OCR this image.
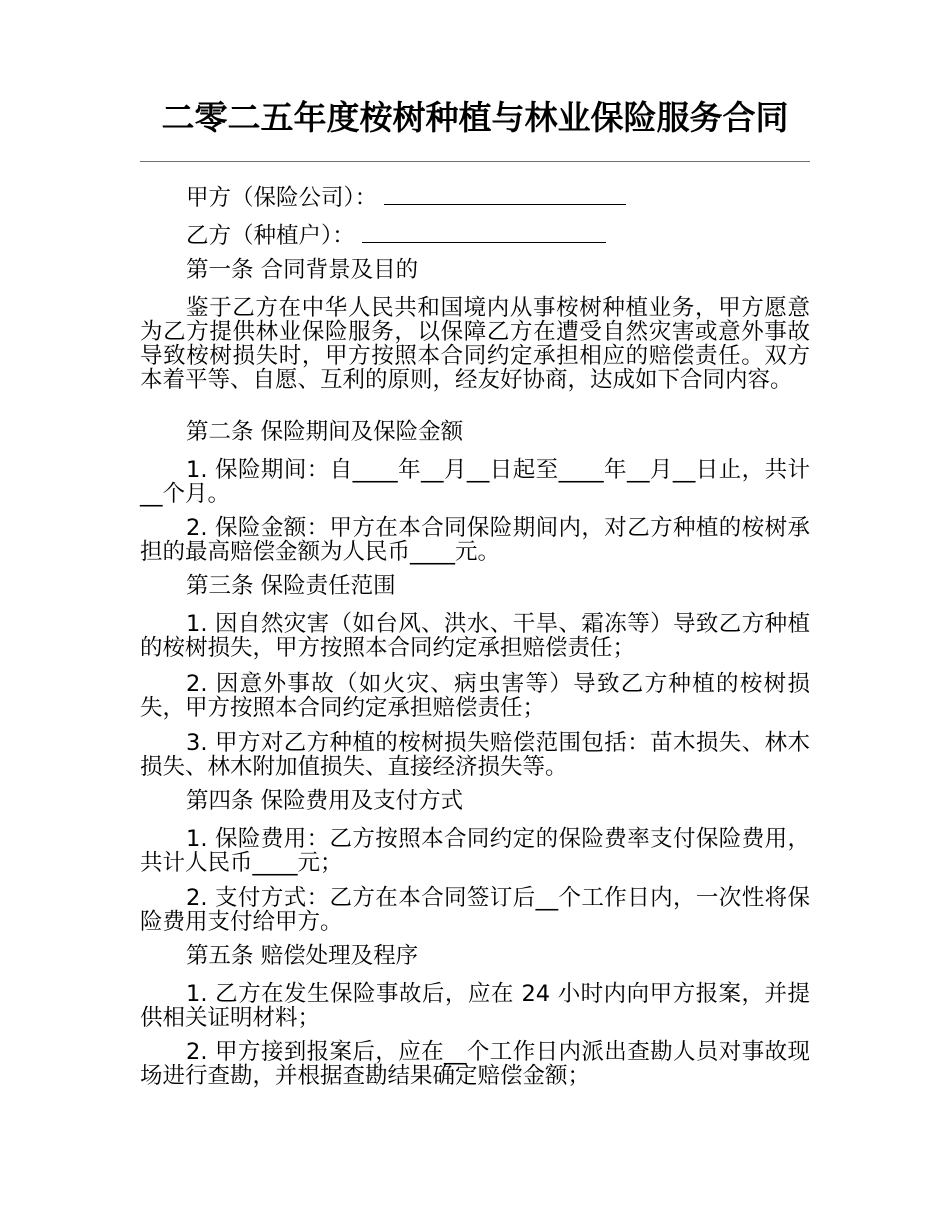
二零二五年度桉树种植与林业保险服务合同
甲方（保险公司）：
乙方（种植户）：
第一条 合同背景及目的
鉴于乙方在中华人民共和国境内从事桉树种植业务，甲方愿意为乙方提供林业保险服务，以保障乙方在遭受自然灾害或意外事故导致桉树损失时，甲方按照本合同约定承担相应的赔偿责任。双方本着平等、自愿、互利的原则，经友好协商，达成如下合同内容。
第二条 保险期间及保险金额
1. 保险期间：自____年__月__日起至____年__月__日止，共计__个月。
2. 保险金额：甲方在本合同保险期间内，对乙方种植的桉树承担的最高赔偿金额为人民币____元。
第三条 保险责任范围
1. 因自然灾害（如台风、洪水、干旱、霜冻等）导致乙方种植的桉树损失，甲方按照本合同约定承担赔偿责任；
2. 因意外事故（如火灾、病虫害等）导致乙方种植的桉树损失，甲方按照本合同约定承担赔偿责任；
3. 甲方对乙方种植的桉树损失赔偿范围包括：苗木损失、林木损失、林木附加值损失、直接经济损失等。
第四条 保险费用及支付方式
1. 保险费用：乙方按照本合同约定的保险费率支付保险费用，共计人民币____元；
2. 支付方式：乙方在本合同签订后__个工作日内，一次性将保险费用支付给甲方。
第五条 赔偿处理及程序
1. 乙方在发生保险事故后，应在 24 小时内向甲方报案，并提供相关证明材料；
2. 甲方接到报案后，应在__个工作日内派出查勘人员对事故现场进行查勘，并根据查勘结果确定赔偿金额；
